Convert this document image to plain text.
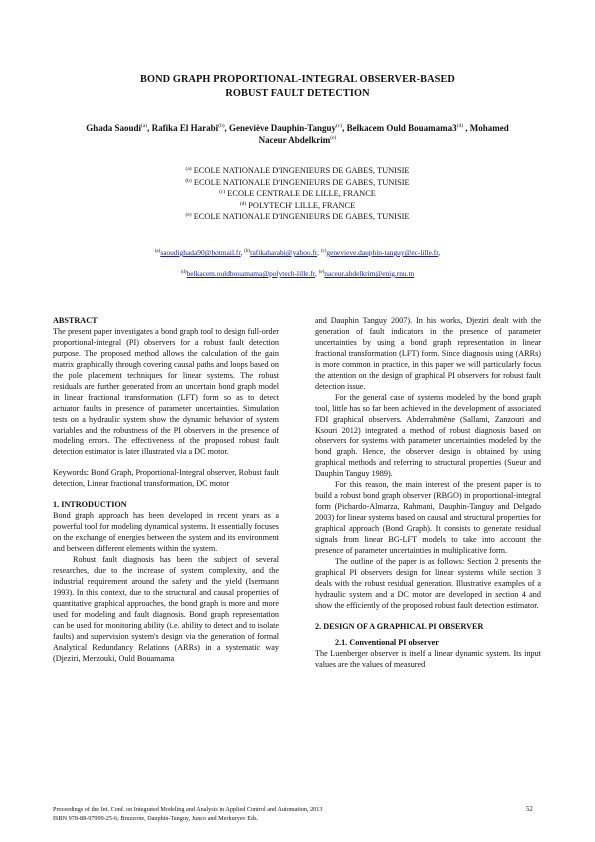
BOND GRAPH PROPORTIONAL-INTEGRAL OBSERVER-BASED
ROBUST FAULT DETECTION
Ghada Saoudi$^{(a)}$, Rafika El Harabi$^{(b)}$, Geneviève Dauphin-Tanguy$^{(c)}$, Belkacem Ould Bouamama3$^{(d)}$ , Mohamed
Naceur Abdelkrim$^{(e)}$
$^{(a)}$ ECOLE NATIONALE D'INGENIEURS DE GABES, TUNISIE
$^{(b)}$ ECOLE NATIONALE D'INGENIEURS DE GABES, TUNISIE
$^{(c)}$ ECOLE CENTRALE DE LILLE, FRANCE
$^{(d)}$ POLYTECH' LILLE, FRANCE
$^{(e)}$ ECOLE NATIONALE D'INGENIEURS DE GABES, TUNISIE
$^{(a)}$saoudighada90@hotmail.fr, $^{(b)}$rafikaharabi@yahoo.fr, $^{(c)}$genevieve.dauphin-tanguy@ec-lille.fr,
$^{(d)}$belkacem.ouldbouamama@polytech-lille.fr, $^{(e)}$naceur.abdelkrim@enig.rnu.tn

ABSTRACT

The present paper investigates a bond graph tool to design full-order proportional-integral (PI) observers for a robust fault detection purpose. The proposed method allows the calculation of the gain matrix graphically through covering causal paths and loops based on the pole placement techniques for linear systems. The robust residuals are further generated from an uncertain bond graph model in linear fractional transformation (LFT) form so as to detect actuator faults in presence of parameter uncertainties. Simulation tests on a hydraulic system show the dynamic behavior of system variables and the robustness of the PI observers in the presence of modeling errors. The effectiveness of the proposed robust fault detection estimator is later illustrated via a DC motor.

Keywords: Bond Graph, Proportional-Integral observer, Robust fault detection, Linear fractional transformation, DC motor

1. INTRODUCTION

Bond graph approach has been developed in recent years as a powerful tool for modeling dynamical systems. It essentially focuses on the exchange of energies between the system and its environment and between different elements within the system.

Robust fault diagnosis has been the subject of several researches, due to the increase of system complexity, and the industrial requirement around the safety and the yield (Isermann 1993). In this context, due to the structural and causal properties of quantitative graphical approaches, the bond graph is more and more used for modeling and fault diagnosis. Bond graph representation can be used for monitoring ability (i.e. ability to detect and to isolate faults) and supervision system's design via the generation of formal Analytical Redundancy Relations (ARRs) in a systematic way (Djeziri, Merzouki, Ould Bouamama

and Dauphin Tanguy 2007). In his works, Djeziri dealt with the generation of fault indicators in the presence of parameter uncertainties by using a bond graph representation in linear fractional transformation (LFT) form. Since diagnosis using (ARRs) is more common in practice, in this paper we will particularly focus the attention on the design of graphical PI observers for robust fault detection issue.

For the general case of systems modeled by the bond graph tool, little has so far been achieved in the development of associated FDI graphical observers. Abderrahmène (Sallami, Zanzouri and Ksouri 2012) integrated a method of robust diagnosis based on observers for systems with parameter uncertainties modeled by the bond graph. Hence, the observer design is obtained by using graphical methods and referring to structural properties (Sueur and Dauphin Tanguy 1989).

For this reason, the main interest of the present paper is to build a robust bond graph observer (RBGO) in proportional-integral form (Pichardo-Almarza, Rahmani, Dauphin-Tanguy and Delgado 2003) for linear systems based on causal and structural properties for graphical approach (Bond Graph). It consists to generate residual signals from linear BG-LFT models to take into account the presence of parameter uncertainties in multiplicative form.

The outline of the paper is as follows: Section 2 presents the graphical PI observers design for linear systems while section 3 deals with the robust residual generation. Illustrative examples of a hydraulic system and a DC motor are developed in section 4 and show the efficiently of the proposed robust fault detection estimator.

2. DESIGN OF A GRAPHICAL PI OBSERVER

2.1. Conventional PI observer

The Luenberger observer is itself a linear dynamic system. Its input values are the values of measured

Proceedings of the Int. Conf. on Integrated Modeling and Analysis in Applied Control and Automation, 2013
ISBN 978-88-97999-25-6; Bruzzone, Dauphin-Tanguy, Junco and Merkuryev Eds.
52
